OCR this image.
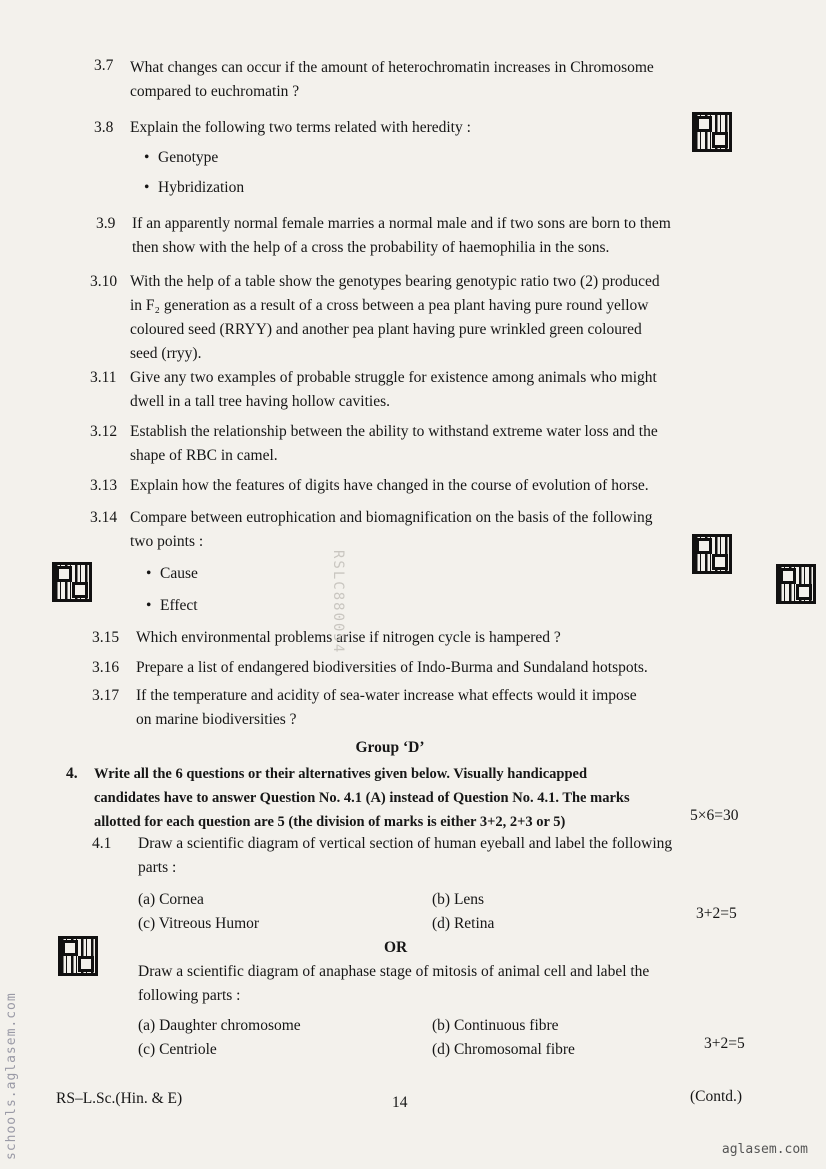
3.7 What changes can occur if the amount of heterochromatin increases in Chromosome
compared to euchromatin ?
3.8 Explain the following two terms related with heredity :
• Genotype
• Hybridization
3.9 If an apparently normal female marries a normal male and if two sons are born to them
then show with the help of a cross the probability of haemophilia in the sons.
3.10 With the help of a table show the genotypes bearing genotypic ratio two (2) produced
in F₂ generation as a result of a cross between a pea plant having pure round yellow
coloured seed (RRYY) and another pea plant having pure wrinkled green coloured
seed (rryy).
3.11 Give any two examples of probable struggle for existence among animals who might
dwell in a tall tree having hollow cavities.
3.12 Establish the relationship between the ability to withstand extreme water loss and the
shape of RBC in camel.
3.13 Explain how the features of digits have changed in the course of evolution of horse.
3.14 Compare between eutrophication and biomagnification on the basis of the following
two points :
• Cause
• Effect
3.15 Which environmental problems arise if nitrogen cycle is hampered ?
3.16 Prepare a list of endangered biodiversities of Indo-Burma and Sundaland hotspots.
3.17 If the temperature and acidity of sea-water increase what effects would it impose
on marine biodiversities ?
Group ‘D’
4. Write all the 6 questions or their alternatives given below. Visually handicapped
candidates have to answer Question No. 4.1 (A) instead of Question No. 4.1. The marks
allotted for each question are 5 (the division of marks is either 3+2, 2+3 or 5)	5×6=30
4.1 Draw a scientific diagram of vertical section of human eyeball and label the following
parts :
(a) Cornea	(b) Lens
(c) Vitreous Humor	(d) Retina
3+2=5
OR
Draw a scientific diagram of anaphase stage of mitosis of animal cell and label the
following parts :
(a) Daughter chromosome	(b) Continuous fibre
(c) Centriole	(d) Chromosomal fibre	3+2=5
RS–L.Sc.(Hin. & E)	14	(Contd.)
schools.aglasem.com
RSLC880054
aglasem.com
